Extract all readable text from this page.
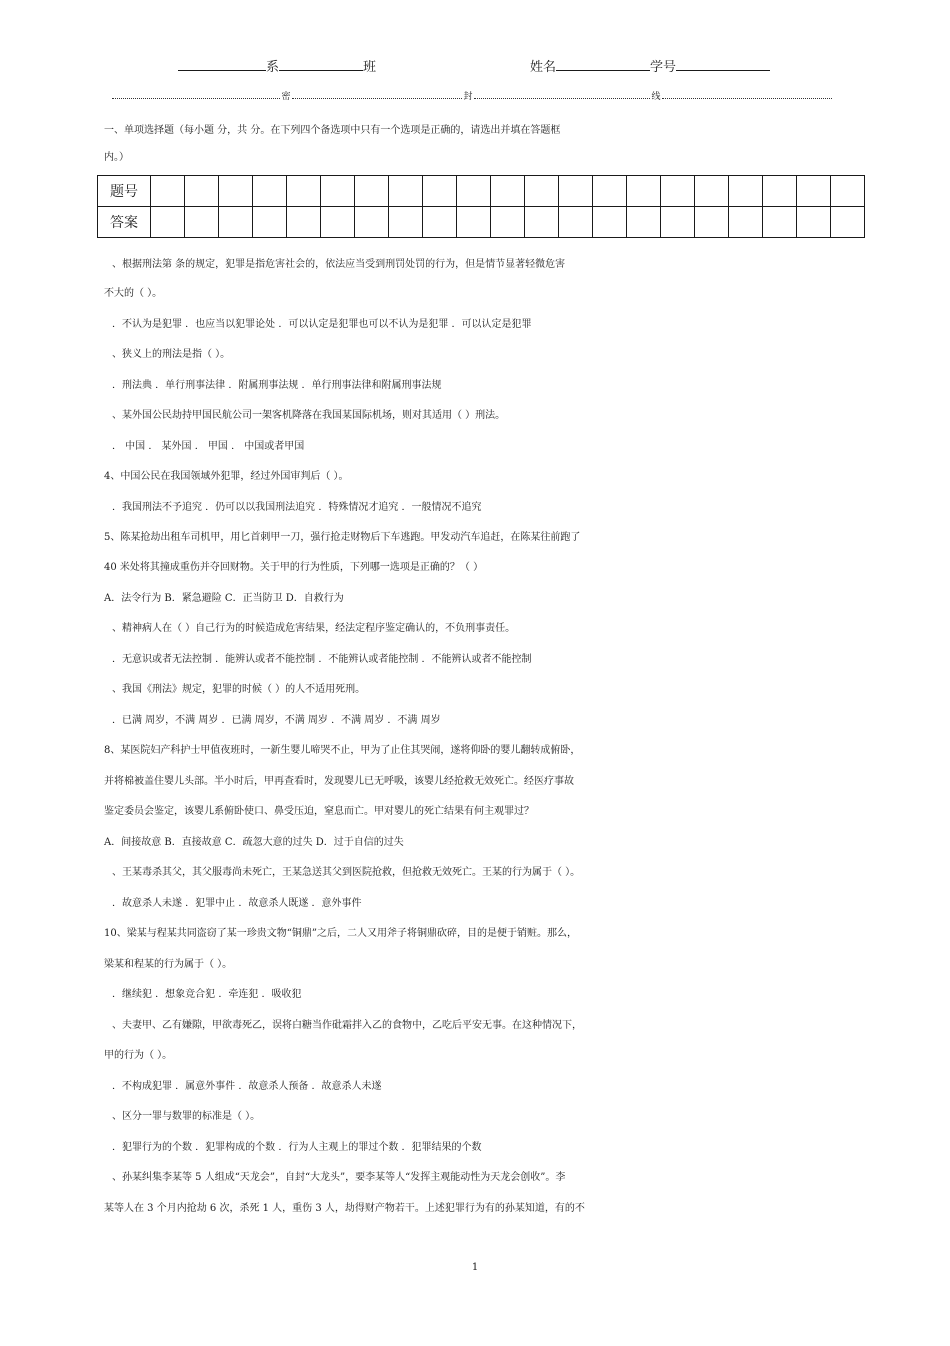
系	班	姓名	学号
密	封	线
一、单项选择题（每小题 分，共 分。在下列四个备选项中只有一个选项是正确的，请选出并填在答题框
内。）
题号																					
答案																					
、根据刑法第 条的规定，犯罪是指危害社会的，依法应当受到刑罚处罚的行为，但是情节显著轻微危害
不大的（ ）。
．不认为是犯罪 ．也应当以犯罪论处 ．可以认定是犯罪也可以不认为是犯罪 ．可以认定是犯罪
、狭义上的刑法是指（ ）。
．刑法典 ．单行刑事法律 ．附属刑事法规 ．单行刑事法律和附属刑事法规
、某外国公民劫持甲国民航公司一架客机降落在我国某国际机场，则对其适用（ ）刑法。
． 中国 ． 某外国 ． 甲国 ． 中国或者甲国
4、中国公民在我国领域外犯罪，经过外国审判后（ ）。
．我国刑法不予追究 ．仍可以以我国刑法追究 ．特殊情况才追究 ．一般情况不追究
5、陈某抢劫出租车司机甲，用匕首刺甲一刀，强行抢走财物后下车逃跑。甲发动汽车追赶，在陈某往前跑了
40 米处将其撞成重伤并夺回财物。关于甲的行为性质，下列哪一选项是正确的？（ ）
A．法令行为 B．紧急避险 C．正当防卫 D．自救行为
、精神病人在（ ）自己行为的时候造成危害结果，经法定程序鉴定确认的，不负刑事责任。
．无意识或者无法控制 ．能辨认或者不能控制 ．不能辨认或者能控制 ．不能辨认或者不能控制
、我国《刑法》规定，犯罪的时候（ ）的人不适用死刑。
．已满 周岁，不满 周岁 ．已满 周岁，不满 周岁 ．不满 周岁 ．不满 周岁
8、某医院妇产科护士甲值夜班时，一新生婴儿啼哭不止，甲为了止住其哭闹，遂将仰卧的婴儿翻转成俯卧，
并将棉被盖住婴儿头部。半小时后，甲再查看时，发现婴儿已无呼吸，该婴儿经抢救无效死亡。经医疗事故
鉴定委员会鉴定，该婴儿系俯卧使口、鼻受压迫，窒息而亡。甲对婴儿的死亡结果有何主观罪过？
A．间接故意 B．直接故意 C．疏忽大意的过失 D．过于自信的过失
、王某毒杀其父，其父服毒尚未死亡，王某急送其父到医院抢救，但抢救无效死亡。王某的行为属于（ ）。
．故意杀人未遂 ．犯罪中止 ．故意杀人既遂 ．意外事件
10、梁某与程某共同盗窃了某一珍贵文物“铜鼎”之后，二人又用斧子将铜鼎砍碎，目的是便于销赃。那么，
梁某和程某的行为属于（ ）。
．继续犯 ．想象竞合犯 ．牵连犯 ．吸收犯
、夫妻甲、乙有嫌隙，甲欲毒死乙，误将白糖当作砒霜拌入乙的食物中，乙吃后平安无事。在这种情况下，
甲的行为（ ）。
．不构成犯罪 ．属意外事件 ．故意杀人预备 ．故意杀人未遂
、区分一罪与数罪的标准是（ ）。
．犯罪行为的个数 ．犯罪构成的个数 ．行为人主观上的罪过个数 ．犯罪结果的个数
、孙某纠集李某等 5 人组成“天龙会”，自封“大龙头”，要李某等人“发挥主观能动性为天龙会创收”。李
某等人在 3 个月内抢劫 6 次，杀死 1 人，重伤 3 人，劫得财产物若干。上述犯罪行为有的孙某知道，有的不
1
